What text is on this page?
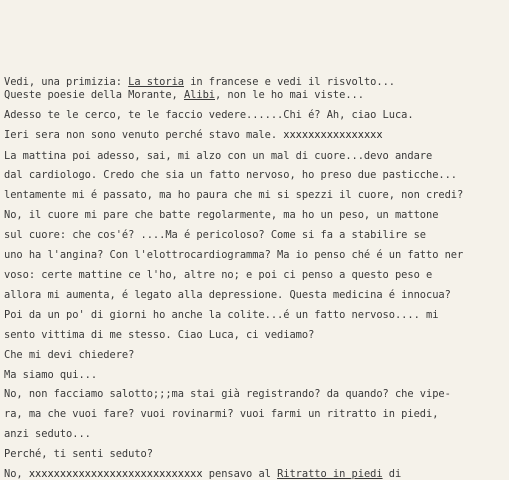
Vedi, una primizia: La storia in francese e vedi il risvolto...
Queste poesie della Morante, Alibi, non le ho mai viste...
Adesso te le cerco, te le faccio vedere......Chi é? Ah, ciao Luca.
Ieri sera non sono venuto perché stavo male. xxxxxxxxxxxxxxxx
La mattina poi adesso, sai, mi alzo con un mal di cuore...devo andare
dal cardiologo. Credo che sia un fatto nervoso, ho preso due pasticche...
lentamente mi é passato, ma ho paura che mi si spezzi il cuore, non credi?
No, il cuore mi pare che batte regolarmente, ma ho un peso, un mattone
sul cuore: che cos'é? ....Ma é pericoloso? Come si fa a stabilire se
uno ha l'angina? Con l'elottrocardiogramma? Ma io penso ché é un fatto ner
voso: certe mattine ce l'ho, altre no; e poi ci penso a questo peso e
allora mi aumenta, é legato alla depressione. Questa medicina é innocua?
Poi da un po' di giorni ho anche la colite...é un fatto nervoso.... mi
sento vittima di me stesso. Ciao Luca, ci vediamo?
Che mi devi chiedere?
Ma siamo qui...
No, non facciamo salotto;;;ma stai già registrando? da quando? che vipe-
ra, ma che vuoi fare? vuoi rovinarmi? vuoi farmi un ritratto in piedi,
anzi seduto...
Perché, ti senti seduto?
No, xxxxxxxxxxxxxxxxxxxxxxxxxxxx pensavo al Ritratto in piedi di
